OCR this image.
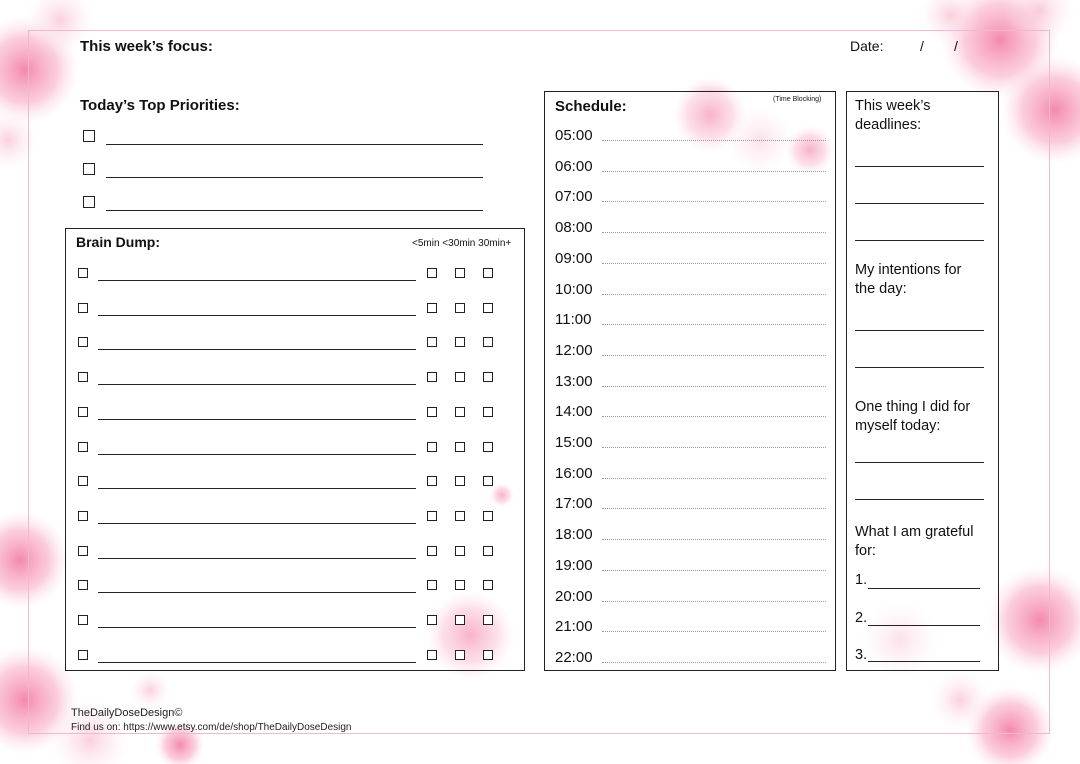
This week’s focus:	Date:	/ /
Today’s Top Priorities:
Brain Dump:	<5min <30min 30min+
Schedule:	(Time Blocking)
05:00
06:00
07:00
08:00
09:00
10:00
11:00
12:00
13:00
14:00
15:00
16:00
17:00
18:00
19:00
20:00
21:00
22:00
This week’s
deadlines:
My intentions for
the day:
One thing I did for
myself today:
What I am grateful
for:
1.
2.
3.
TheDailyDoseDesign©
Find us on: https://www.etsy.com/de/shop/TheDailyDoseDesign
